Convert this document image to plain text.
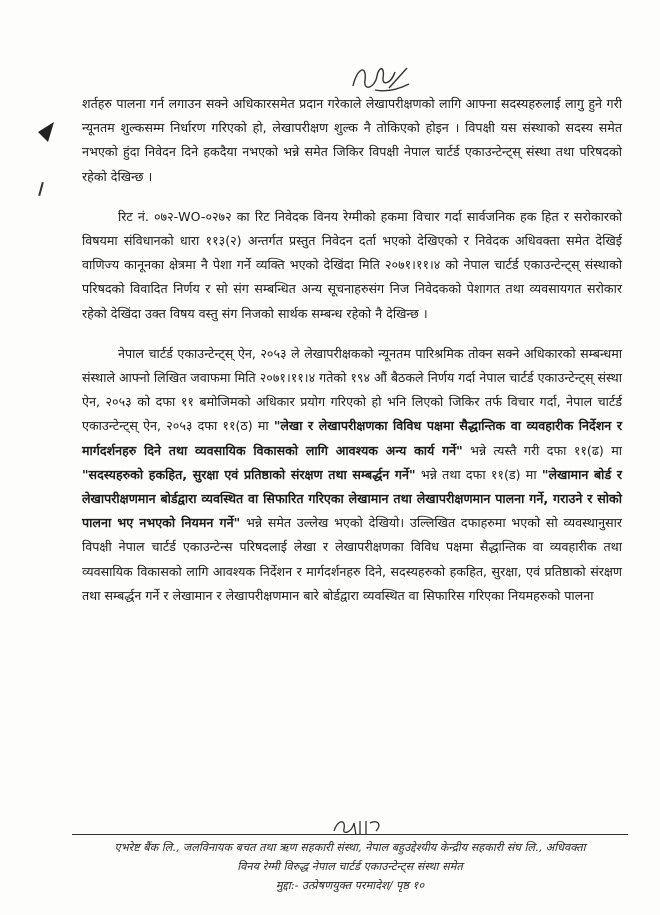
शर्तहरु पालना गर्न लगाउन सक्ने अधिकारसमेत प्रदान गरेकाले लेखापरीक्षणको लागि आफ्ना सदस्यहरुलाई लागु हुने गरी न्यूनतम शुल्कसम्म निर्धारण गरिएको हो, लेखापरीक्षण शुल्क नै तोकिएको होइन । विपक्षी यस संस्थाको सदस्य समेत नभएको हुंदा निवेदन दिने हकदैया नभएको भन्ने समेत जिकिर विपक्षी नेपाल चार्टर्ड एकाउन्टेन्ट्स् संस्था तथा परिषदको रहेको देखिन्छ ।

रिट नं. ०७२-WO-०२७२ का रिट निवेदक विनय रेग्मीको हकमा विचार गर्दा सार्वजनिक हक हित र सरोकारको विषयमा संविधानको धारा ११३(२) अन्तर्गत प्रस्तुत निवेदन दर्ता भएको देखिएको र निवेदक अधिवक्ता समेत देखिई वाणिज्य कानूनका क्षेत्रमा नै पेशा गर्ने व्यक्ति भएको देखिंदा मिति २०७१।११।४ को नेपाल चार्टर्ड एकाउन्टेन्ट्स् संस्थाको परिषदको विवादित निर्णय र सो संग सम्बन्धित अन्य सूचनाहरुसंग निज निवेदकको पेशागत तथा व्यवसायगत सरोकार रहेको देखिंदा उक्त विषय वस्तु संग निजको सार्थक सम्बन्ध रहेको नै देखिन्छ ।

नेपाल चार्टर्ड एकाउन्टेन्ट्स् ऐन, २०५३ ले लेखापरीक्षकको न्यूनतम पारिश्रमिक तोक्न सक्ने अधिकारको सम्बन्धमा संस्थाले आफ्नो लिखित जवाफमा मिति २०७१।११।४ गतेको १९४ औं बैठकले निर्णय गर्दा नेपाल चार्टर्ड एकाउन्टेन्ट्स् संस्था ऐन, २०५३ को दफा ११ बमोजिमको अधिकार प्रयोग गरिएको हो भनि लिएको जिकिर तर्फ विचार गर्दा, नेपाल चार्टर्ड एकाउन्टेन्ट्स् ऐन, २०५३ दफा ११(ठ) मा "लेखा र लेखापरीक्षणका विविध पक्षमा सैद्धान्तिक वा व्यवहारीक निर्देशन र मार्गदर्शनहरु दिने तथा व्यवसायिक विकासको लागि आवश्यक अन्य कार्य गर्ने" भन्ने त्यस्तै गरी दफा ११(ढ) मा "सदस्यहरुको हकहित, सुरक्षा एवं प्रतिष्ठाको संरक्षण तथा सम्बर्द्धन गर्ने" भन्ने तथा दफा ११(ड) मा "लेखामान बोर्ड र लेखापरीक्षणमान बोर्डद्वारा व्यवस्थित वा सिफारित गरिएका लेखामान तथा लेखापरीक्षणमान पालना गर्ने, गराउने र सोको पालना भए नभएको नियमन गर्ने" भन्ने समेत उल्लेख भएको देखियो। उल्लिखित दफाहरुमा भएको सो व्यवस्थानुसार विपक्षी नेपाल चार्टर्ड एकाउन्टेन्स परिषदलाई लेखा र लेखापरीक्षणका विविध पक्षमा सैद्धान्तिक वा व्यवहारीक तथा व्यवसायिक विकासको लागि आवश्यक निर्देशन र मार्गदर्शनहरु दिने, सदस्यहरुको हकहित, सुरक्षा, एवं प्रतिष्ठाको संरक्षण तथा सम्बर्द्धन गर्ने र लेखामान र लेखापरीक्षणमान बारे बोर्डद्वारा व्यवस्थित वा सिफारिस गरिएका नियमहरुको पालना

एभरेष्ट बैंक लि., जलविनायक बचत तथा ऋण सहकारी संस्था, नेपाल बहुउद्देश्यीय केन्द्रीय सहकारी संघ लि., अधिवक्ता
विनय रेग्मी विरुद्ध नेपाल चार्टर्ड एकाउन्टेन्ट्स संस्था समेत
मुद्दा:- उत्प्रेषणयुक्त परमादेश/ पृष्ठ १०
